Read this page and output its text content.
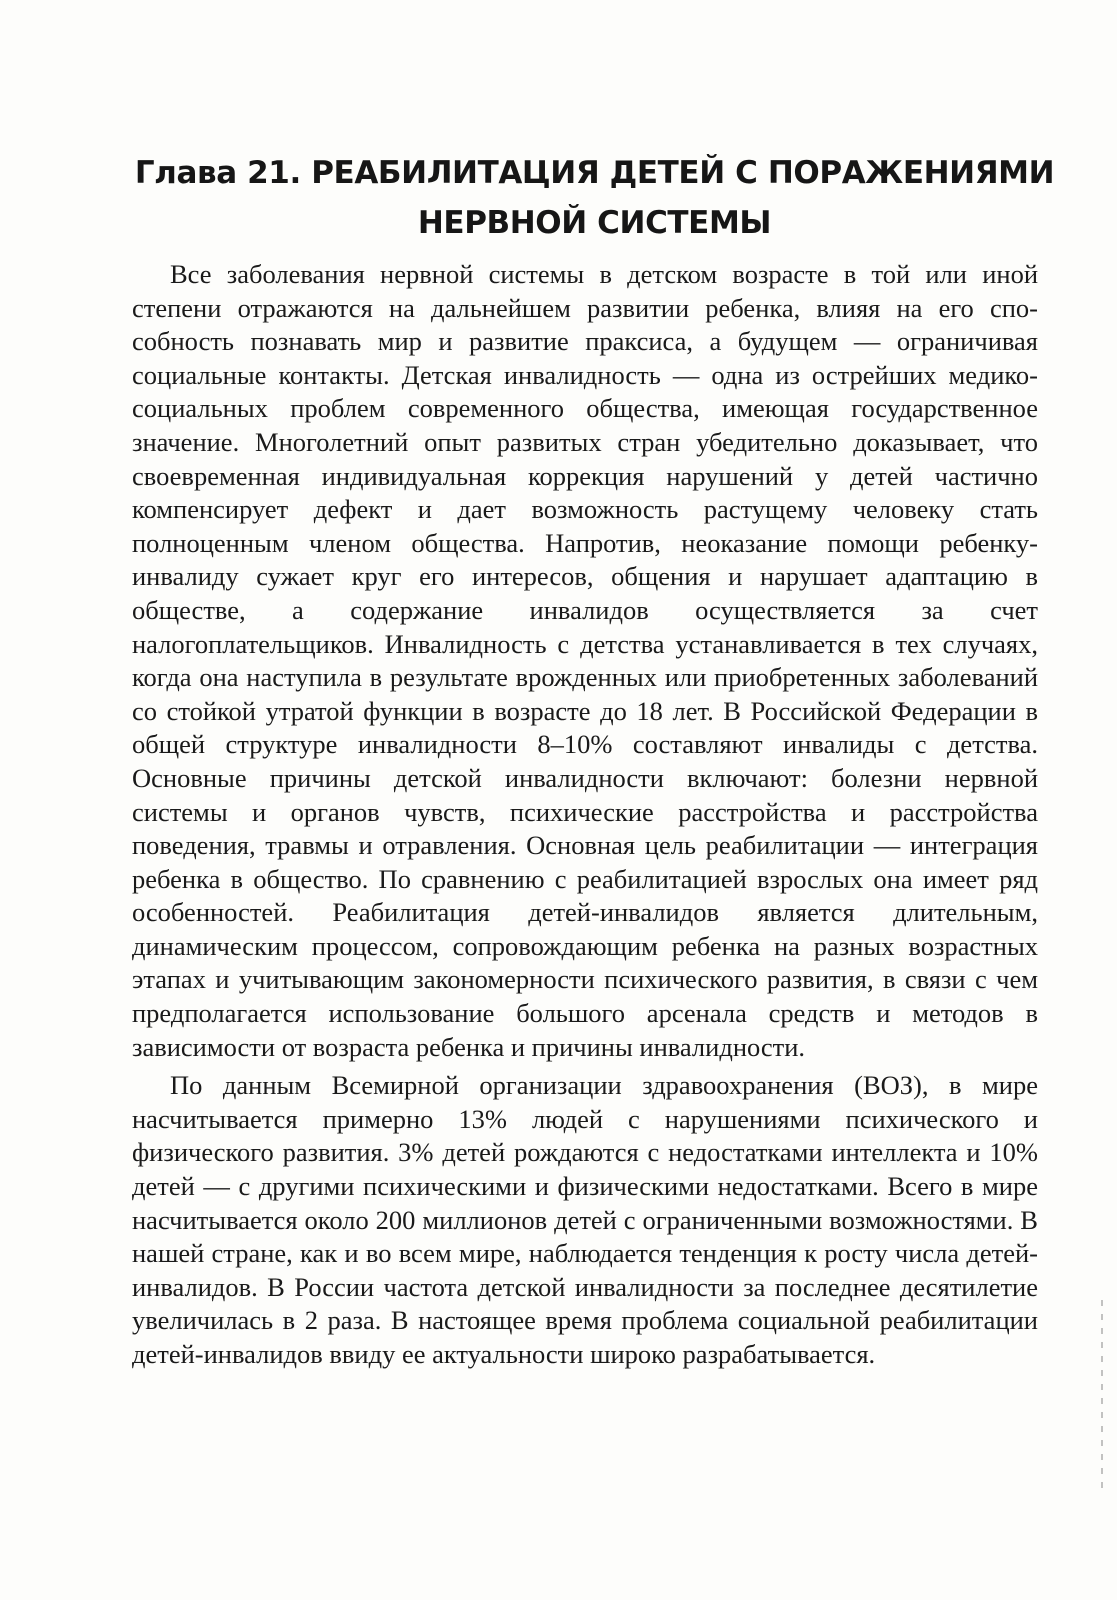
Глава 21. РЕАБИЛИТАЦИЯ ДЕТЕЙ С ПОРАЖЕНИЯМИ
НЕРВНОЙ СИСТЕМЫ

Все заболевания нервной системы в детском возрасте в той или иной степени отражаются на дальнейшем развитии ребенка, влияя на его способность познавать мир и развитие праксиса, а будущем — ограничивая социальные контакты. Детская инвалидность — одна из острейших медико-социальных проблем современного общества, имеющая государственное значение. Многолетний опыт развитых стран убедительно доказывает, что своевременная индивидуальная коррекция нарушений у детей частично компенсирует дефект и дает возможность растущему человеку стать полноценным членом общества. Напротив, неоказание помощи ребенку-инвалиду сужает круг его интересов, общения и нарушает адаптацию в обществе, а содержание инвалидов осуществляется за счет налогоплательщиков. Инвалидность с детства устанавливается в тех случаях, когда она наступила в результате врожденных или приобретенных заболеваний со стойкой утратой функции в возрасте до 18 лет. В Российской Федерации в общей структуре инвалидности 8–10% составляют инвалиды с детства. Основные причины детской инвалидности включают: болезни нервной системы и органов чувств, психические расстройства и расстройства поведения, травмы и отравления. Основная цель реабилитации — интеграция ребенка в общество. По сравнению с реабилитацией взрослых она имеет ряд особенностей. Реабилитация детей-инвалидов является длительным, динамическим процессом, сопровождающим ребенка на разных возрастных этапах и учитывающим закономерности психического развития, в связи с чем предполагается использование большого арсенала средств и методов в зависимости от возраста ребенка и причины инвалидности.

По данным Всемирной организации здравоохранения (ВОЗ), в мире насчитывается примерно 13% людей с нарушениями психического и физического развития. 3% детей рождаются с недостатками интеллекта и 10% детей — с другими психическими и физическими недостатками. Всего в мире насчитывается около 200 миллионов детей с ограниченными возможностями. В нашей стране, как и во всем мире, наблюдается тенденция к росту числа детей-инвалидов. В России частота детской инвалидности за последнее десятилетие увеличилась в 2 раза. В настоящее время проблема социальной реабилитации детей-инвалидов ввиду ее актуальности широко разрабатывается.
